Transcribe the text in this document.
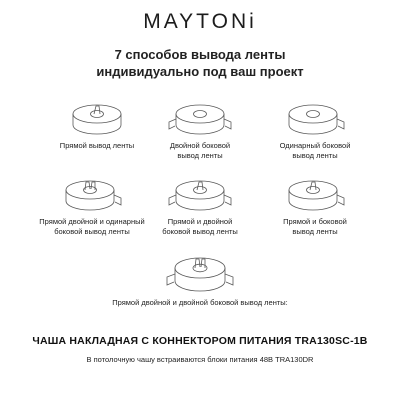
MAYTONi
7 способов вывода ленты
индивидуально под ваш проект
Прямой вывод ленты	Двойной боковой
вывод ленты
Одинарный боковой
вывод ленты
Прямой двойной и одинарный
боковой вывод ленты
Прямой и двойной
боковой вывод ленты
Прямой и боковой
вывод ленты
Прямой двойной и двойной боковой вывод ленты:
ЧАША НАКЛАДНАЯ С КОННЕКТОРОМ ПИТАНИЯ TRA130SC-1B
В потолочную чашу встраиваются блоки питания 48В TRA130DR
